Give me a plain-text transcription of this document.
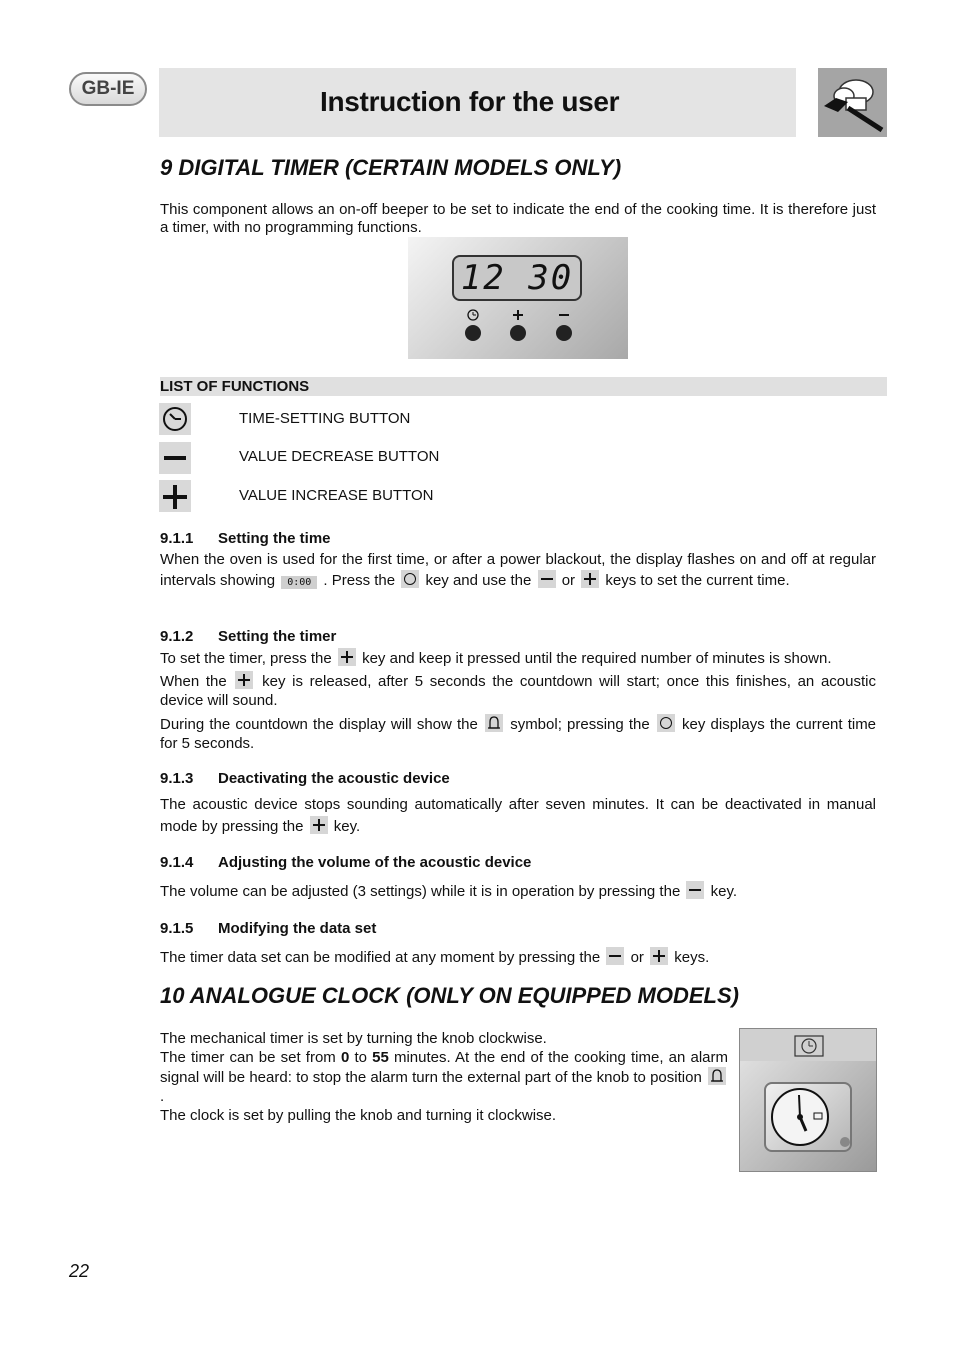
GB-IE	Instruction for the user
9 DIGITAL TIMER (CERTAIN MODELS ONLY)

This component allows an on-off beeper to be set to indicate the end of the cooking time. It is therefore just a timer, with no programming functions.

12 30
LIST OF FUNCTIONS
TIME-SETTING BUTTON
VALUE DECREASE BUTTON
VALUE INCREASE BUTTON
9.1.1 Setting the time
When the oven is used for the first time, or after a power blackout, the display flashes on and off at regular intervals showing 0:00 . Press the key and use the or keys to set the current time.
9.1.2 Setting the timer

To set the timer, press the key and keep it pressed until the required number of minutes is shown.

When the key is released, after 5 seconds the countdown will start; once this finishes, an acoustic device will sound.

During the countdown the display will show the symbol; pressing the key displays the current time for 5 seconds.

9.1.3 Deactivating the acoustic device
The acoustic device stops sounding automatically after seven minutes. It can be deactivated in manual mode by pressing the key.
9.1.4 Adjusting the volume of the acoustic device
The volume can be adjusted (3 settings) while it is in operation by pressing the key.
9.1.5 Modifying the data set
The timer data set can be modified at any moment by pressing the or keys.
10 ANALOGUE CLOCK (ONLY ON EQUIPPED MODELS)

The mechanical timer is set by turning the knob clockwise.

The timer can be set from 0 to 55 minutes. At the end of the cooking time, an alarm signal will be heard: to stop the alarm turn the external part of the knob to position
.

The clock is set by pulling the knob and turning it clockwise.

22
